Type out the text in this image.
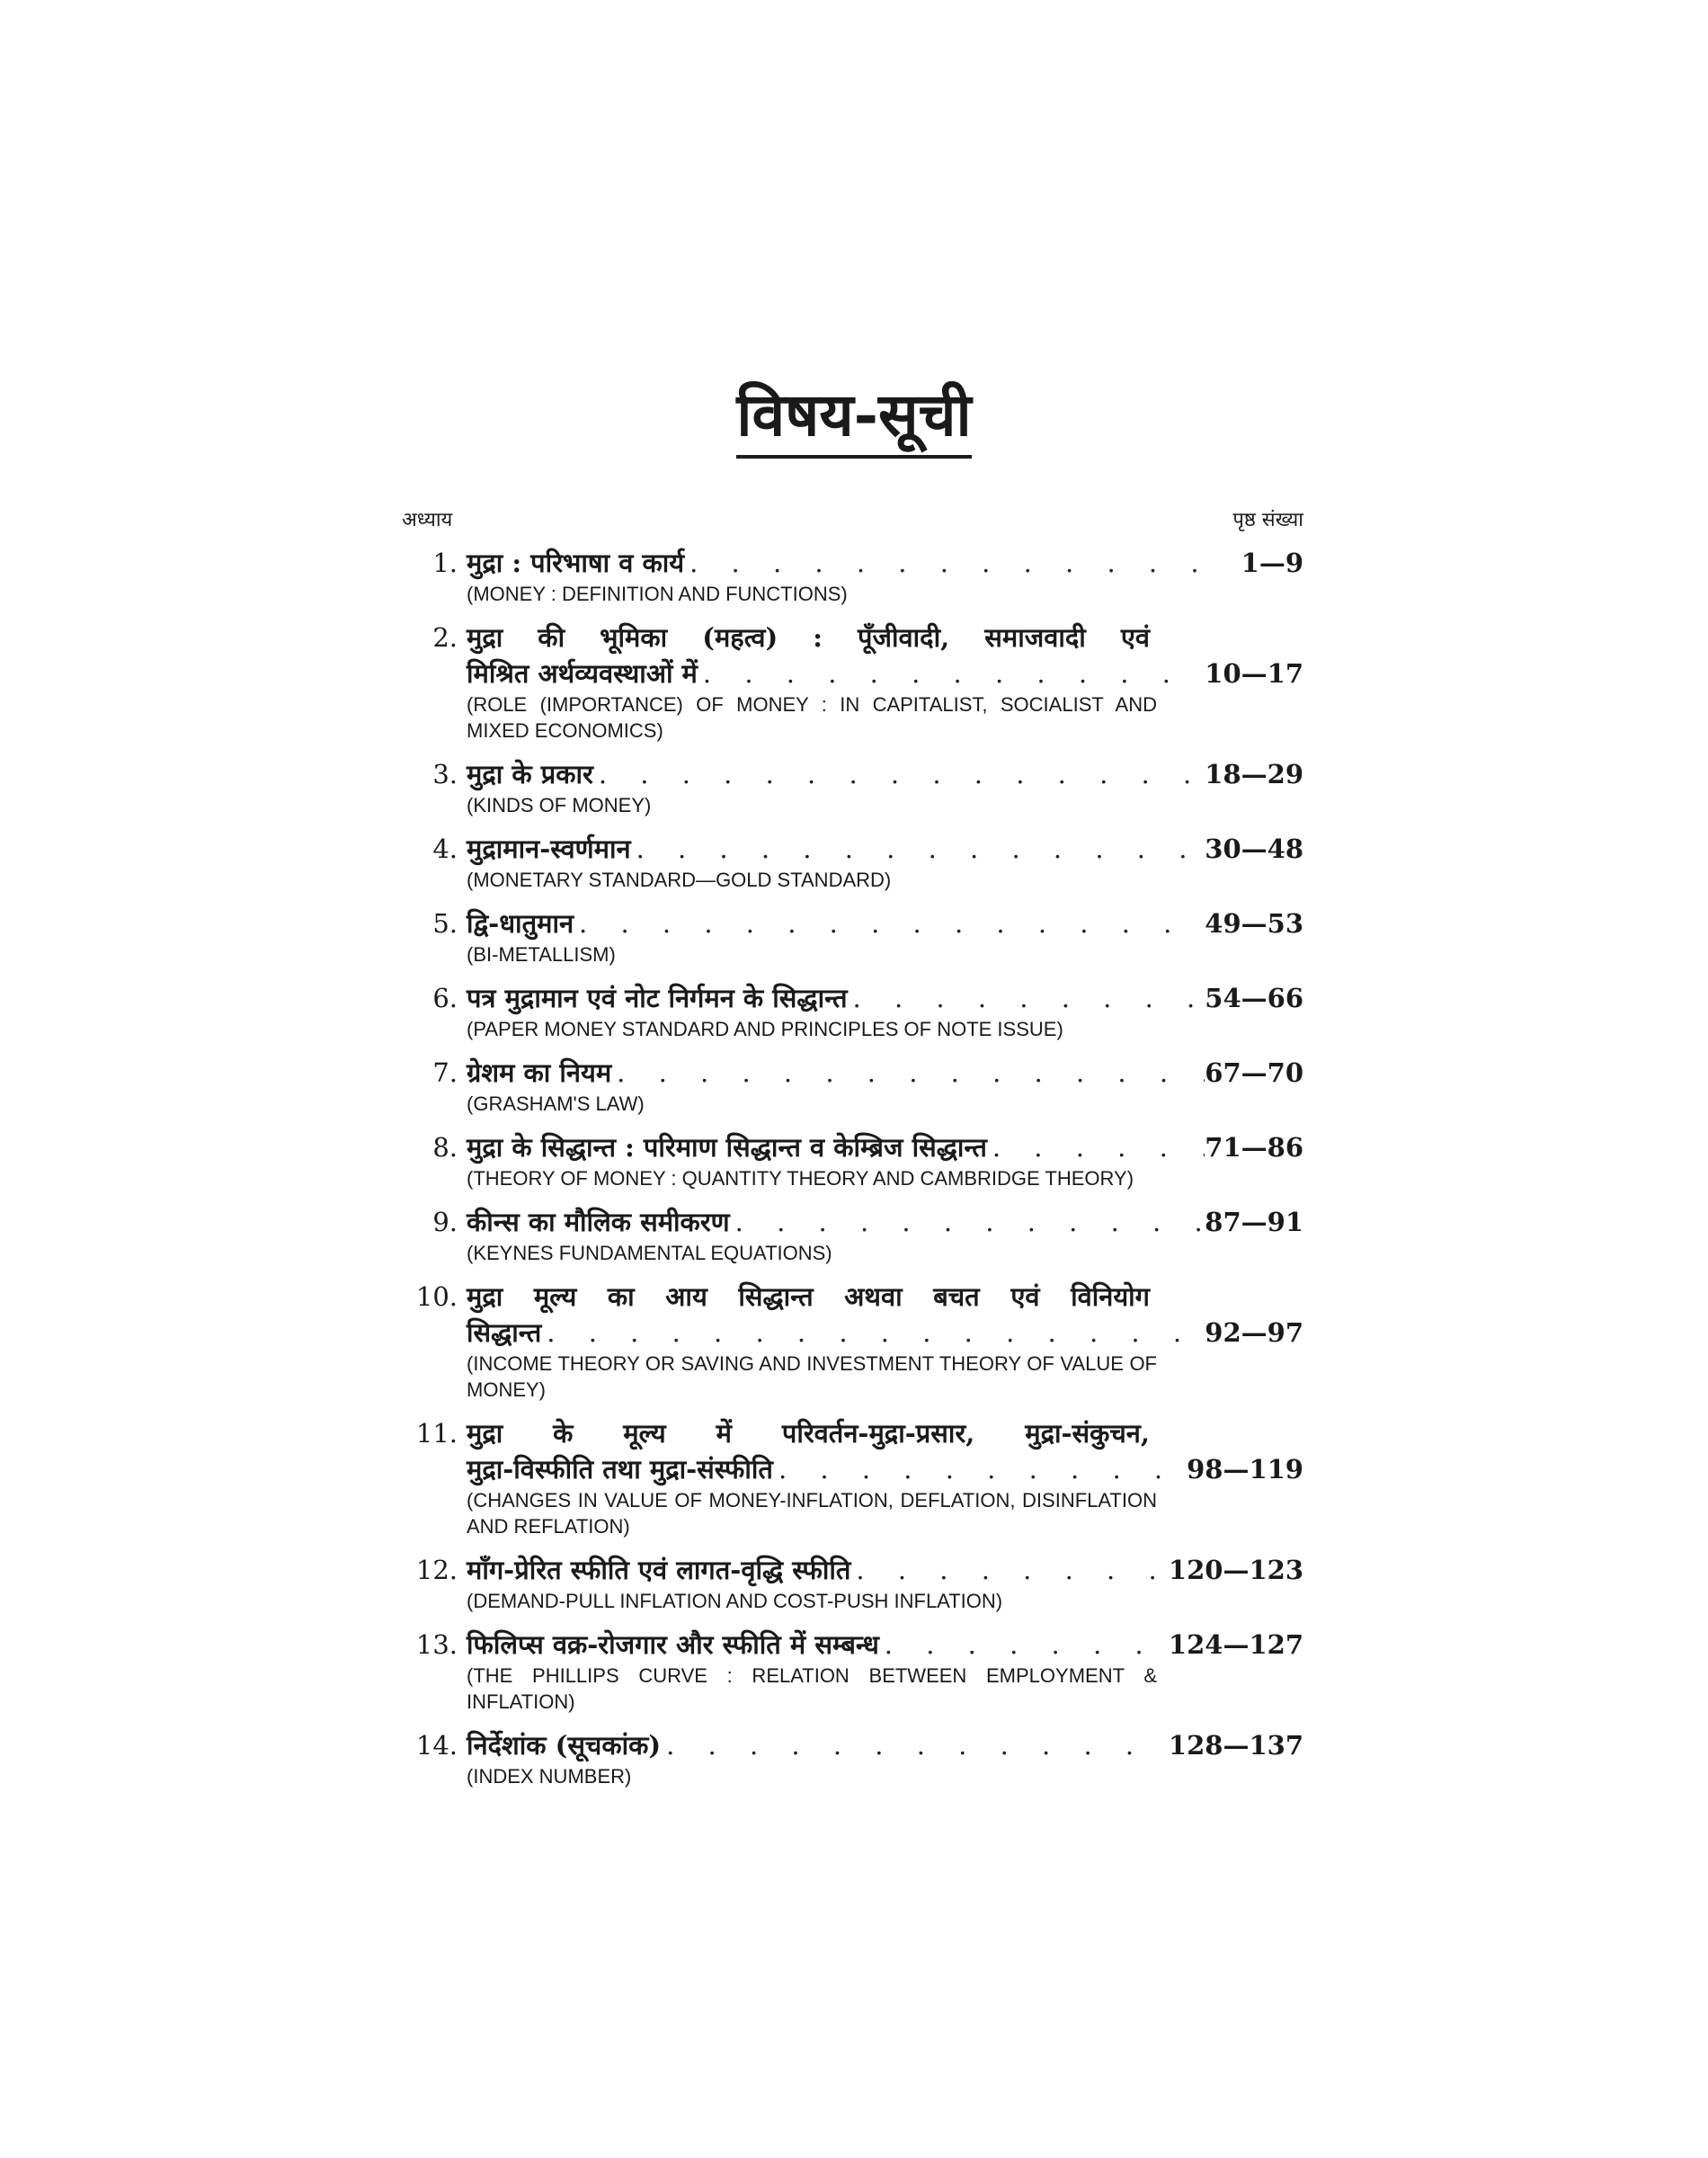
विषय-सूची
अध्याय	पृष्ठ संख्या
1. मुद्रा : परिभाषा व कार्य . . .	1—9
(MONEY : DEFINITION AND FUNCTIONS)
2. मुद्रा की भूमिका (महत्व) : पूँजीवादी, समाजवादी एवं
मिश्रित अर्थव्यवस्थाओं में . . .	10—17
(ROLE (IMPORTANCE) OF MONEY : IN CAPITALIST, SOCIALIST AND MIXED ECONOMICS)
3. मुद्रा के प्रकार . . .	18—29
(KINDS OF MONEY)
4. मुद्रामान-स्वर्णमान . . .	30—48
(MONETARY STANDARD—GOLD STANDARD)
5. द्वि-धातुमान . . .	49—53
(BI-METALLISM)
6. पत्र मुद्रामान एवं नोट निर्गमन के सिद्धान्त . . .	54—66
(PAPER MONEY STANDARD AND PRINCIPLES OF NOTE ISSUE)
7. ग्रेशम का नियम . . .	67—70
(GRASHAM'S LAW)
8. मुद्रा के सिद्धान्त : परिमाण सिद्धान्त व केम्ब्रिज सिद्धान्त . . .	71—86
(THEORY OF MONEY : QUANTITY THEORY AND CAMBRIDGE THEORY)
9. कीन्स का मौलिक समीकरण . . .	87—91
(KEYNES FUNDAMENTAL EQUATIONS)
10. मुद्रा मूल्य का आय सिद्धान्त अथवा बचत एवं विनियोग
सिद्धान्त . . .	92—97
(INCOME THEORY OR SAVING AND INVESTMENT THEORY OF VALUE OF MONEY)
11. मुद्रा के मूल्य में परिवर्तन-मुद्रा-प्रसार, मुद्रा-संकुचन,
मुद्रा-विस्फीति तथा मुद्रा-संस्फीति . . .	98—119
(CHANGES IN VALUE OF MONEY-INFLATION, DEFLATION, DISINFLATION AND REFLATION)
12. माँग-प्रेरित स्फीति एवं लागत-वृद्धि स्फीति . . .	120—123
(DEMAND-PULL INFLATION AND COST-PUSH INFLATION)
13. फिलिप्स वक्र-रोजगार और स्फीति में सम्बन्ध . . .	124—127
(THE PHILLIPS CURVE : RELATION BETWEEN EMPLOYMENT & INFLATION)
14. निर्देशांक (सूचकांक) . . .	128—137
(INDEX NUMBER)
